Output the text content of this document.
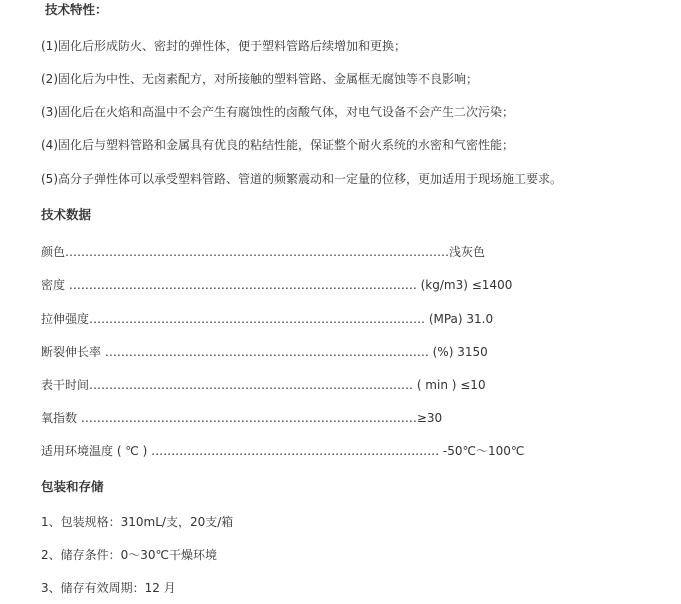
技术特性：
(1)固化后形成防火、密封的弹性体，便于塑料管路后续增加和更换；
(2)固化后为中性、无卤素配方，对所接触的塑料管路、金属框无腐蚀等不良影响；
(3)固化后在火焰和高温中不会产生有腐蚀性的卤酸气体，对电气设备不会产生二次污染；
(4)固化后与塑料管路和金属具有优良的粘结性能，保证整个耐火系统的水密和气密性能；
(5)高分子弹性体可以承受塑料管路、管道的频繁震动和一定量的位移，更加适用于现场施工要求。
技术数据
颜色……………………………………………………………………………………浅灰色
密度 …………………………………………………………………………… (kg/m3) ≤1400
拉伸强度………………………………………………………………………… (MPa) 31.0
断裂伸长率 ……………………………………………………………………… (%) 3150
表干时间……………………………………………………………………… ( min ) ≤10
氧指数 …………………………………………………………………………≥30
适用环境温度 ( ℃ ) ……………………………………………………………… -50℃～100℃
包装和存储
1、包装规格：310mL/支，20支/箱
2、储存条件：0～30℃干燥环境
3、储存有效周期：12 月
